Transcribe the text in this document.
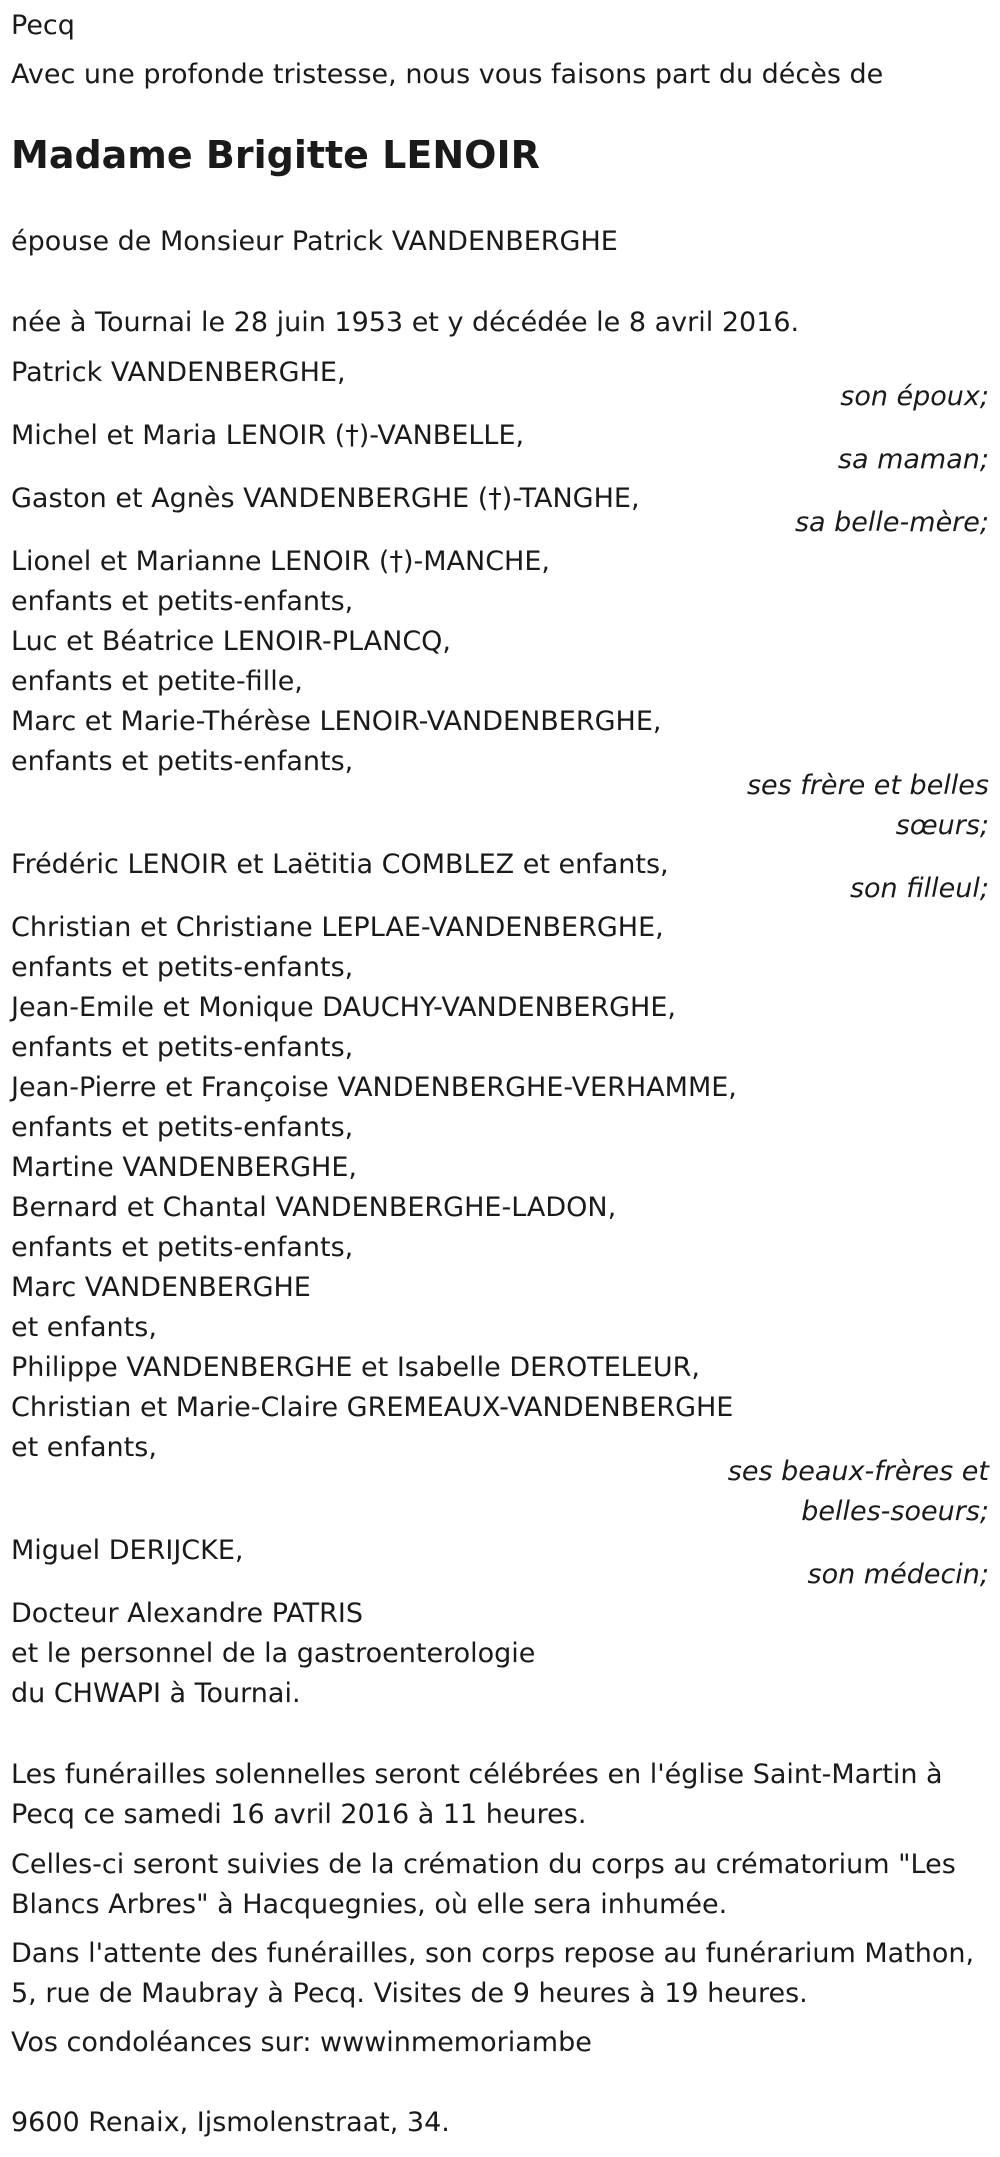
Pecq
Avec une profonde tristesse, nous vous faisons part du décès de
Madame Brigitte LENOIR
épouse de Monsieur Patrick VANDENBERGHE
née à Tournai le 28 juin 1953 et y décédée le 8 avril 2016.
Patrick VANDENBERGHE,
son époux;
Michel et Maria LENOIR (†)-VANBELLE,
sa maman;
Gaston et Agnès VANDENBERGHE (†)-TANGHE,
sa belle-mère;
Lionel et Marianne LENOIR (†)-MANCHE,
enfants et petits-enfants,
Luc et Béatrice LENOIR-PLANCQ,
enfants et petite-fille,
Marc et Marie-Thérèse LENOIR-VANDENBERGHE,
enfants et petits-enfants,
ses frère et belles
sœurs;
Frédéric LENOIR et Laëtitia COMBLEZ et enfants,
son filleul;
Christian et Christiane LEPLAE-VANDENBERGHE,
enfants et petits-enfants,
Jean-Emile et Monique DAUCHY-VANDENBERGHE,
enfants et petits-enfants,
Jean-Pierre et Françoise VANDENBERGHE-VERHAMME,
enfants et petits-enfants,
Martine VANDENBERGHE,
Bernard et Chantal VANDENBERGHE-LADON,
enfants et petits-enfants,
Marc VANDENBERGHE
et enfants,
Philippe VANDENBERGHE et Isabelle DEROTELEUR,
Christian et Marie-Claire GREMEAUX-VANDENBERGHE
et enfants,
ses beaux-frères et
belles-soeurs;
Miguel DERIJCKE,
son médecin;
Docteur Alexandre PATRIS
et le personnel de la gastroenterologie
du CHWAPI à Tournai.
Les funérailles solennelles seront célébrées en l'église Saint-Martin à
Pecq ce samedi 16 avril 2016 à 11 heures.
Celles-ci seront suivies de la crémation du corps au crématorium "Les
Blancs Arbres" à Hacquegnies, où elle sera inhumée.
Dans l'attente des funérailles, son corps repose au funérarium Mathon,
5, rue de Maubray à Pecq. Visites de 9 heures à 19 heures.
Vos condoléances sur: wwwinmemoriambe
9600 Renaix, Ijsmolenstraat, 34.
